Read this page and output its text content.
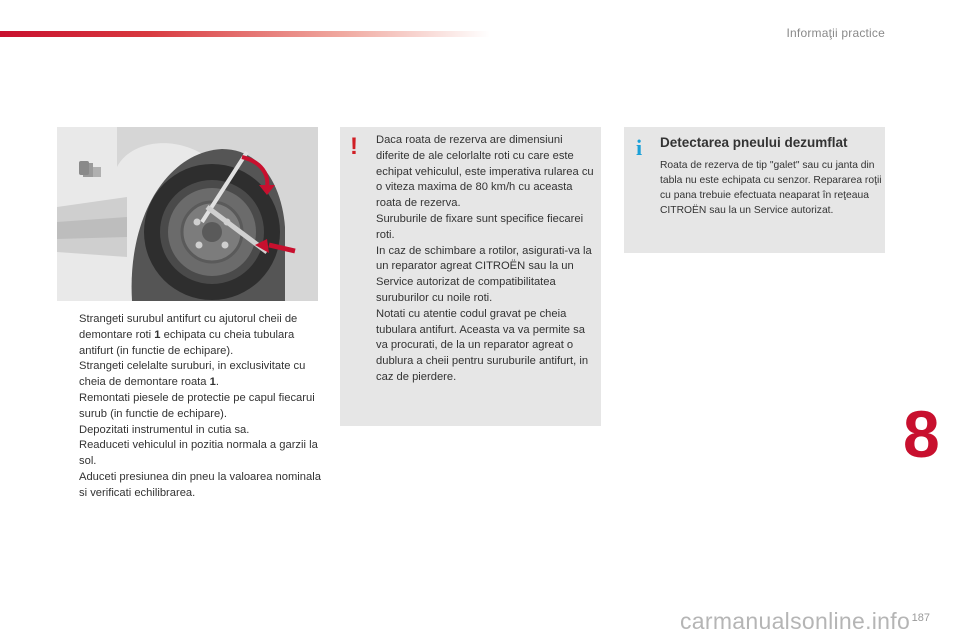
Informaţii practice
Strangeti surubul antifurt cu ajutorul cheii de demontare roti 1 echipata cu cheia tubulara antifurt (in functie de echipare).
Strangeti celelalte suruburi, in exclusivitate cu cheia de demontare roata 1.
Remontati piesele de protectie pe capul fiecarui surub (in functie de echipare).
Depozitati instrumentul in cutia sa.
Readuceti vehiculul in pozitia normala a garzii la sol.
Aduceti presiunea din pneu la valoarea nominala si verificati echilibrarea.
! Daca roata de rezerva are dimensiuni diferite de ale celorlalte roti cu care este echipat vehiculul, este imperativa rularea cu o viteza maxima de 80 km/h cu aceasta roata de rezerva.
Suruburile de fixare sunt specifice fiecarei roti.
In caz de schimbare a rotilor, asigurati-va la un reparator agreat CITROËN sau la un Service autorizat de compatibilitatea suruburilor cu noile roti.
Notati cu atentie codul gravat pe cheia tubulara antifurt. Aceasta va va permite sa va procurati, de la un reparator agreat o dublura a cheii pentru suruburile antifurt, in caz de pierdere.
i Detectarea pneului dezumflat
Roata de rezerva de tip "galet" sau cu janta din tabla nu este echipata cu senzor. Repararea roţii cu pana trebuie efectuata neaparat în reţeaua CITROËN sau la un Service autorizat.
8
carmanualsonline.info 187
